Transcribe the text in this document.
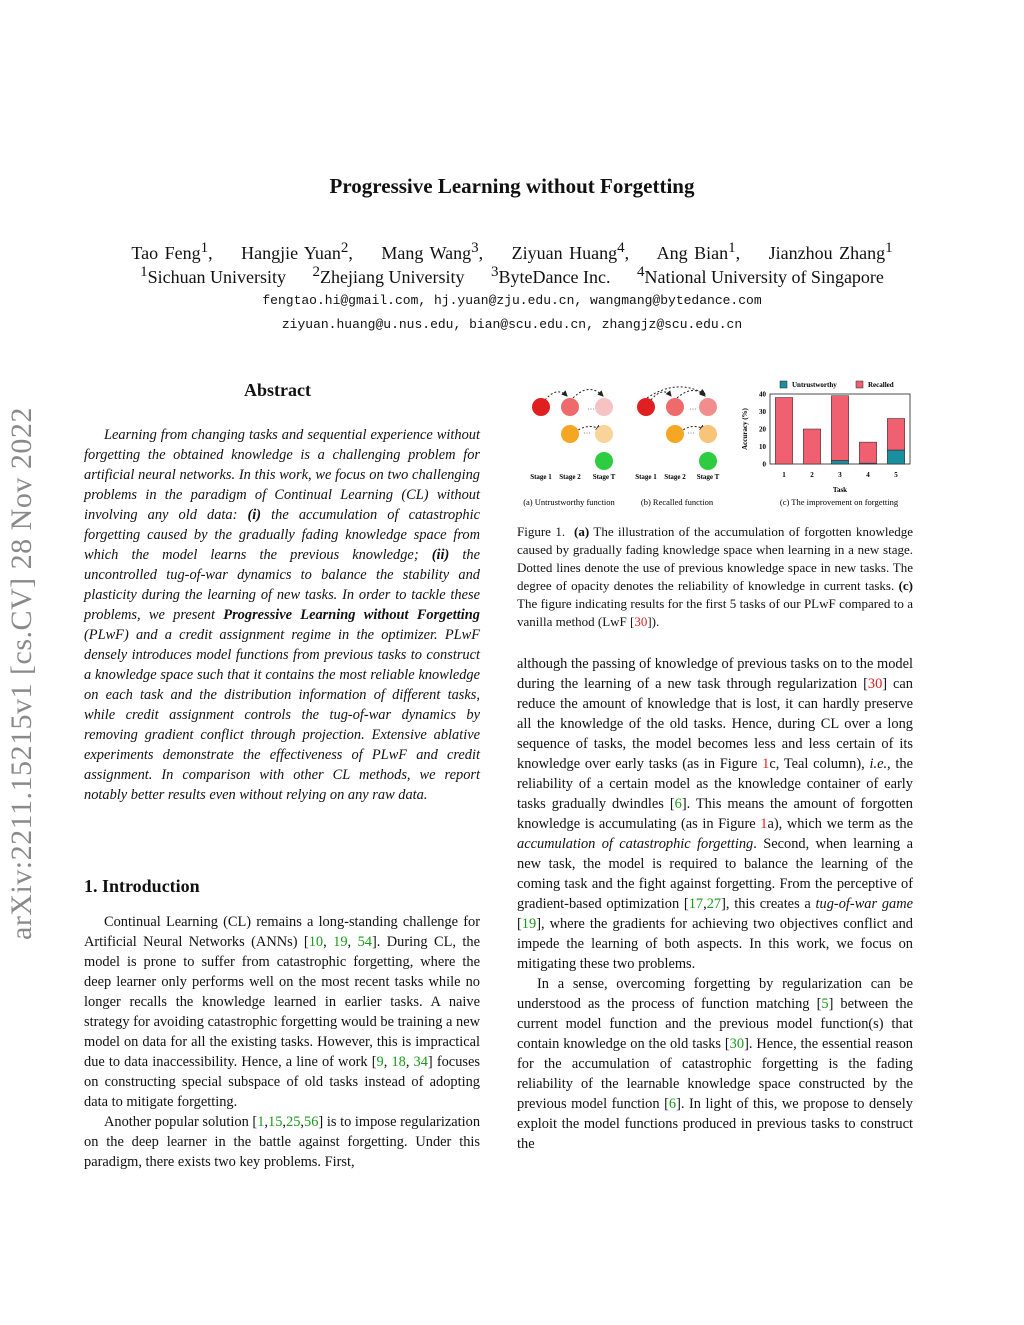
Progressive Learning without Forgetting
Tao Feng$^1$, Hangjie Yuan$^2$, Mang Wang$^3$, Ziyuan Huang$^4$, Ang Bian$^1$, Jianzhou Zhang$^1$
$^1$Sichuan University $^2$Zhejiang University $^3$ByteDance Inc. $^4$National University of Singapore
fengtao.hi@gmail.com, hj.yuan@zju.edu.cn, wangmang@bytedance.com
ziyuan.huang@u.nus.edu, bian@scu.edu.cn, zhangjz@scu.edu.cn
arXiv:2211.15215v1 [cs.CV] 28 Nov 2022
Abstract

Learning from changing tasks and sequential experience without forgetting the obtained knowledge is a challenging problem for artificial neural networks. In this work, we focus on two challenging problems in the paradigm of Continual Learning (CL) without involving any old data: (i) the accumulation of catastrophic forgetting caused by the gradually fading knowledge space from which the model learns the previous knowledge; (ii) the uncontrolled tug-of-war dynamics to balance the stability and plasticity during the learning of new tasks. In order to tackle these problems, we present Progressive Learning without Forgetting (PLwF) and a credit assignment regime in the optimizer. PLwF densely introduces model functions from previous tasks to construct a knowledge space such that it contains the most reliable knowledge on each task and the distribution information of different tasks, while credit assignment controls the tug-of-war dynamics by removing gradient conflict through projection. Extensive ablative experiments demonstrate the effectiveness of PLwF and credit assignment. In comparison with other CL methods, we report notably better results even without relying on any raw data.

1. Introduction

Continual Learning (CL) remains a long-standing challenge for Artificial Neural Networks (ANNs) [10, 19, 54]. During CL, the model is prone to suffer from catastrophic forgetting, where the deep learner only performs well on the most recent tasks while no longer recalls the knowledge learned in earlier tasks. A naive strategy for avoiding catastrophic forgetting would be training a new model on data for all the existing tasks. However, this is impractical due to data inaccessibility. Hence, a line of work [9, 18, 34] focuses on constructing special subspace of old tasks instead of adopting data to mitigate forgetting.

Another popular solution [1,15,25,56] is to impose regularization on the deep learner in the battle against forgetting. Under this paradigm, there exists two key problems. First,

···
···
Stage 1 Stage 2 Stage T
(a) Untrustworthy function
···
···
Stage 1 Stage 2 Stage T
(b) Recalled function
Untrustworthy	Recalled
Accuracy (%)
Task
(c) The improvement on forgetting
0
10
20
30
40
1	2	3	4	5

Figure 1. (a) The illustration of the accumulation of forgotten knowledge caused by gradually fading knowledge space when learning in a new stage. Dotted lines denote the use of previous knowledge space in new tasks. The degree of opacity denotes the reliability of knowledge in current tasks. (c) The figure indicating results for the first 5 tasks of our PLwF compared to a vanilla method (LwF [30]).

although the passing of knowledge of previous tasks on to the model during the learning of a new task through regularization [30] can reduce the amount of knowledge that is lost, it can hardly preserve all the knowledge of the old tasks. Hence, during CL over a long sequence of tasks, the model becomes less and less certain of its knowledge over early tasks (as in Figure 1c, Teal column), i.e., the reliability of a certain model as the knowledge container of early tasks gradually dwindles [6]. This means the amount of forgotten knowledge is accumulating (as in Figure 1a), which we term as the accumulation of catastrophic forgetting. Second, when learning a new task, the model is required to balance the learning of the coming task and the fight against forgetting. From the perceptive of gradient-based optimization [17,27], this creates a tug-of-war game [19], where the gradients for achieving two objectives conflict and impede the learning of both aspects. In this work, we focus on mitigating these two problems.

In a sense, overcoming forgetting by regularization can be understood as the process of function matching [5] between the current model function and the previous model function(s) that contain knowledge on the old tasks [30]. Hence, the essential reason for the accumulation of catastrophic forgetting is the fading reliability of the learnable knowledge space constructed by the previous model function [6]. In light of this, we propose to densely exploit the model functions produced in previous tasks to construct the
